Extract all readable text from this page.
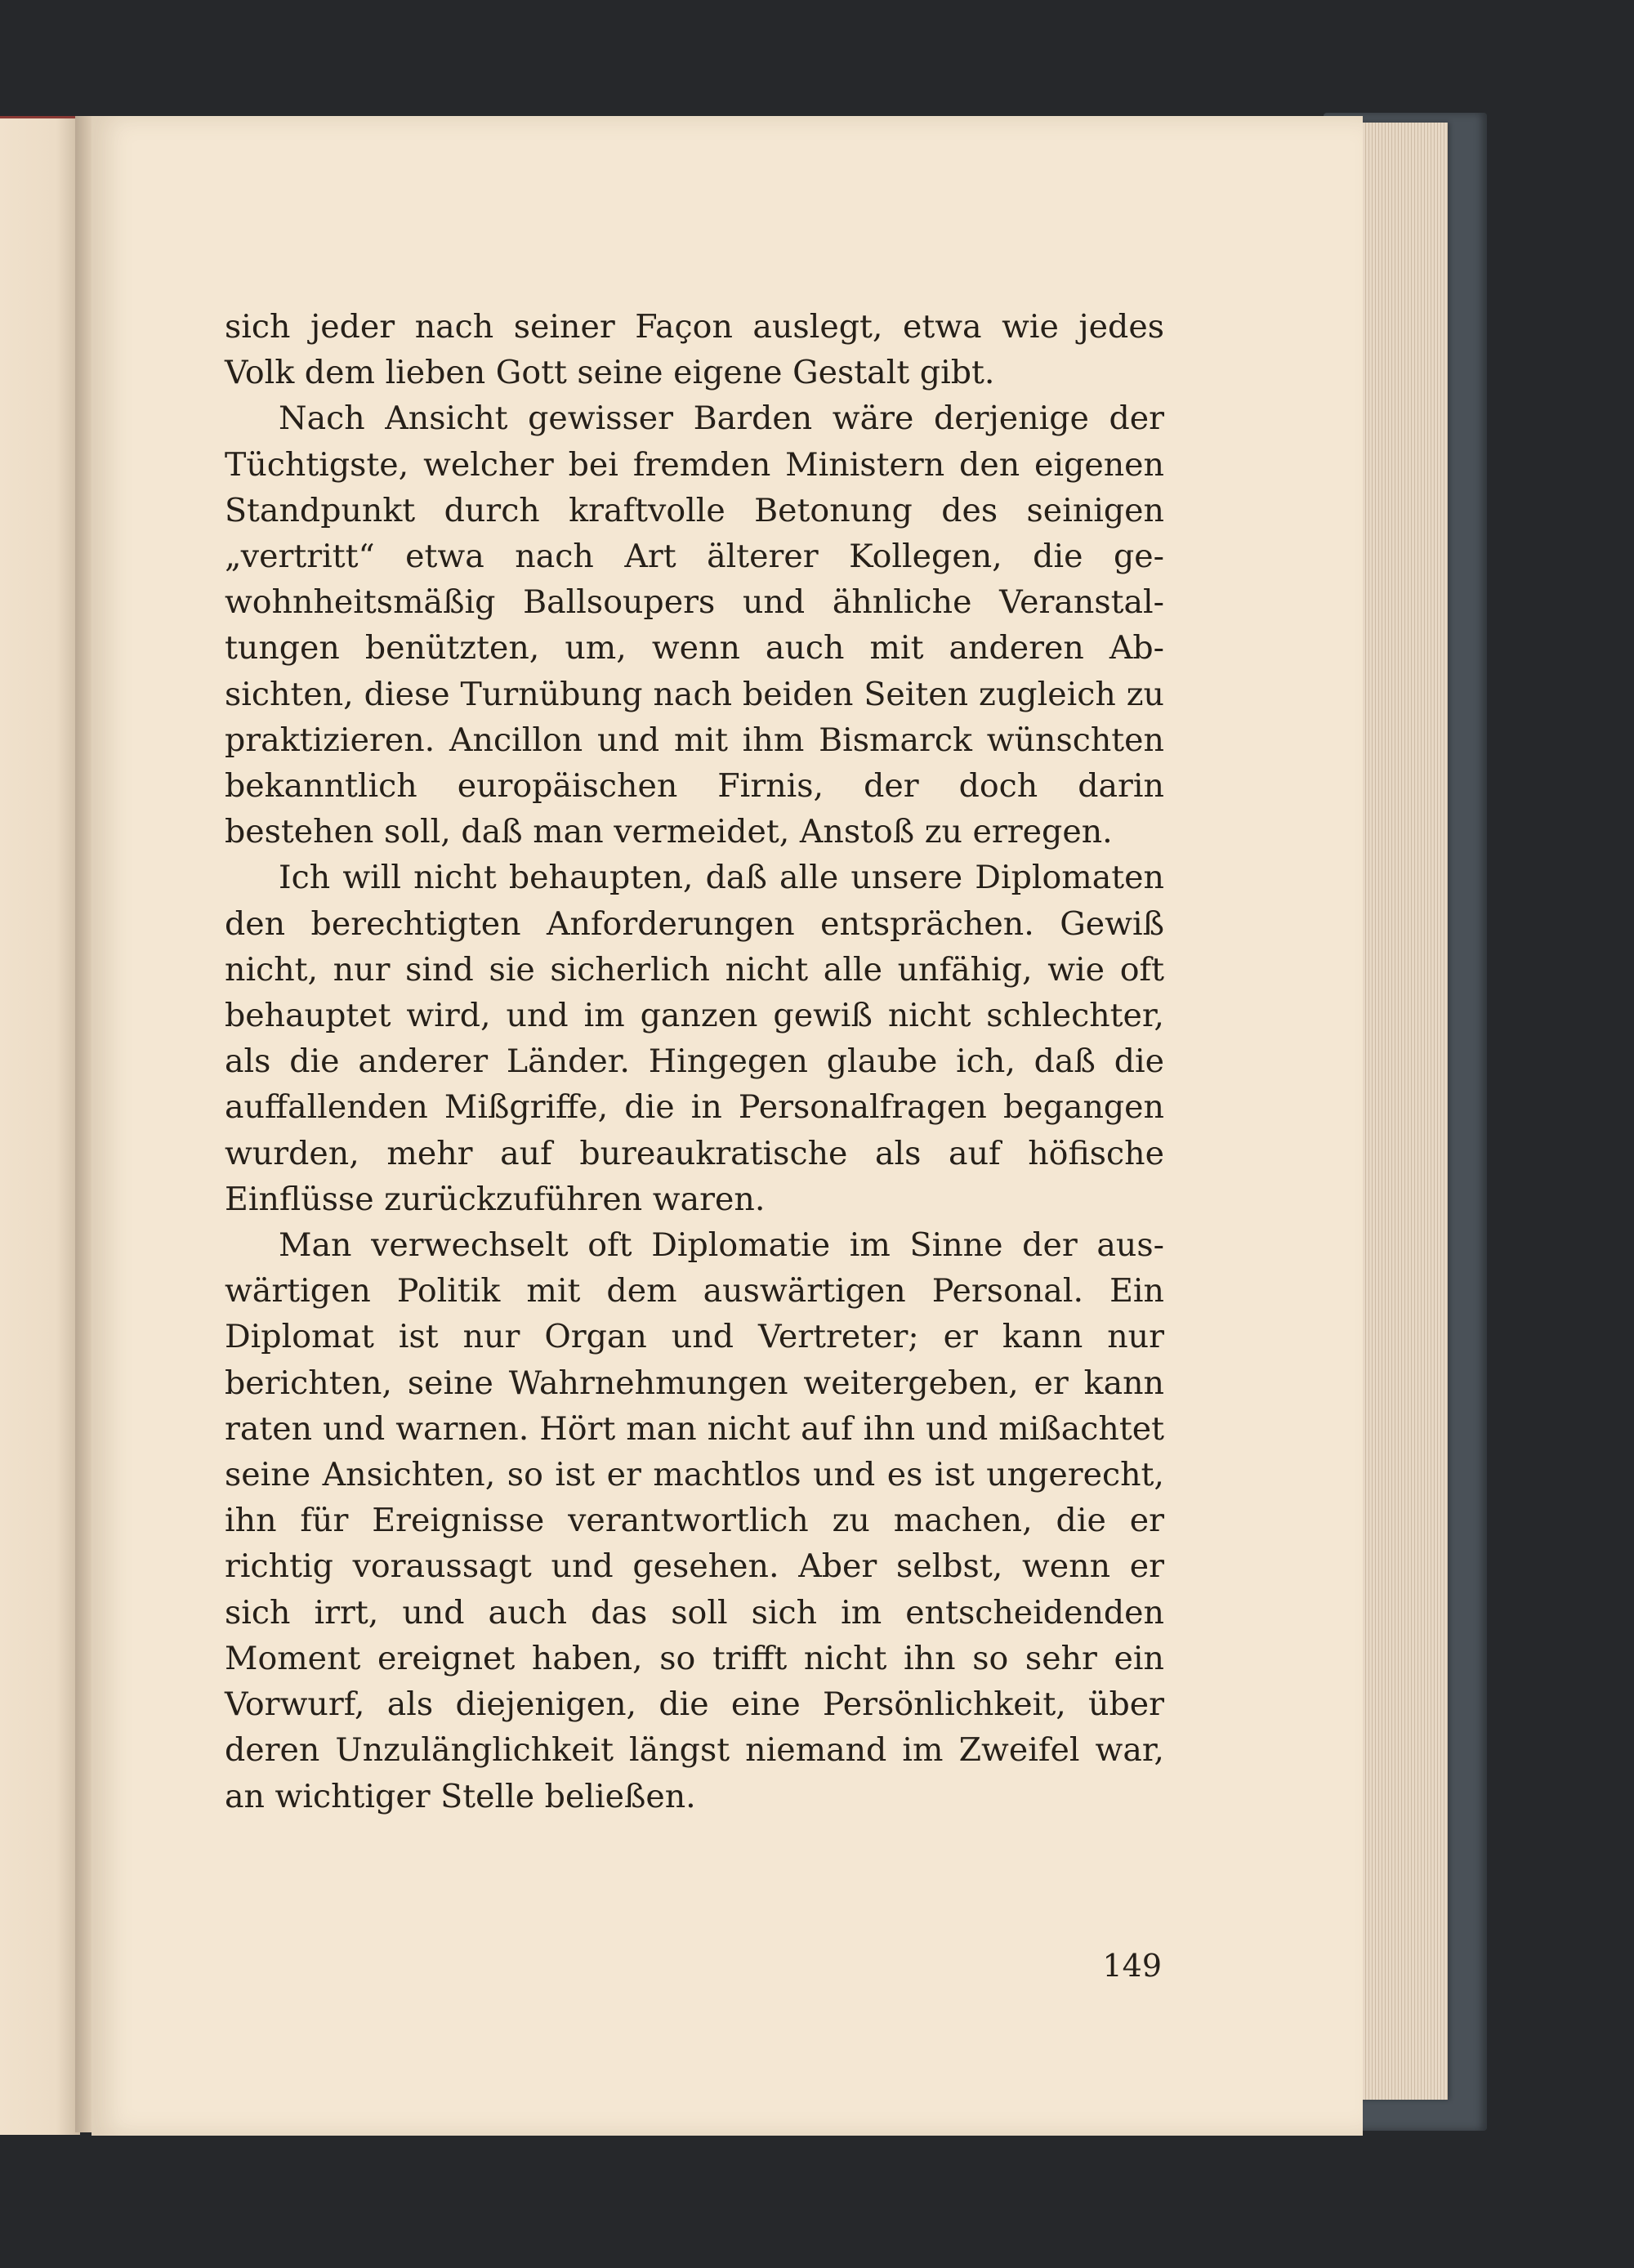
sich jeder nach seiner Façon auslegt, etwa wie jedes Volk dem lieben Gott seine eigene Gestalt gibt.

Nach Ansicht gewisser Barden wäre derjenige der Tüchtigste, welcher bei fremden Ministern den eigenen Standpunkt durch kraftvolle Betonung des seinigen „vertritt“ etwa nach Art älterer Kollegen, die gewohnheitsmäßig Ballsoupers und ähnliche Veranstaltungen benützten, um, wenn auch mit anderen Absichten, diese Turnübung nach beiden Seiten zugleich zu praktizieren. Ancillon und mit ihm Bismarck wünschten bekanntlich europäischen Firnis, der doch darin bestehen soll, daß man vermeidet, Anstoß zu erregen.

Ich will nicht behaupten, daß alle unsere Diplomaten den berechtigten Anforderungen entsprächen. Gewiß nicht, nur sind sie sicherlich nicht alle unfähig, wie oft behauptet wird, und im ganzen gewiß nicht schlechter, als die anderer Länder. Hingegen glaube ich, daß die auffallenden Mißgriffe, die in Personalfragen begangen wurden, mehr auf bureaukratische als auf höfische Einflüsse zurückzuführen waren.

Man verwechselt oft Diplomatie im Sinne der auswärtigen Politik mit dem auswärtigen Personal. Ein Diplomat ist nur Organ und Vertreter; er kann nur berichten, seine Wahrnehmungen weitergeben, er kann raten und warnen. Hört man nicht auf ihn und mißachtet seine Ansichten, so ist er machtlos und es ist ungerecht, ihn für Ereignisse verantwortlich zu machen, die er richtig voraussagt und gesehen. Aber selbst, wenn er sich irrt, und auch das soll sich im entscheidenden Moment ereignet haben, so trifft nicht ihn so sehr ein Vorwurf, als diejenigen, die eine Persönlichkeit, über deren Unzulänglichkeit längst niemand im Zweifel war, an wichtiger Stelle beließen.

149
